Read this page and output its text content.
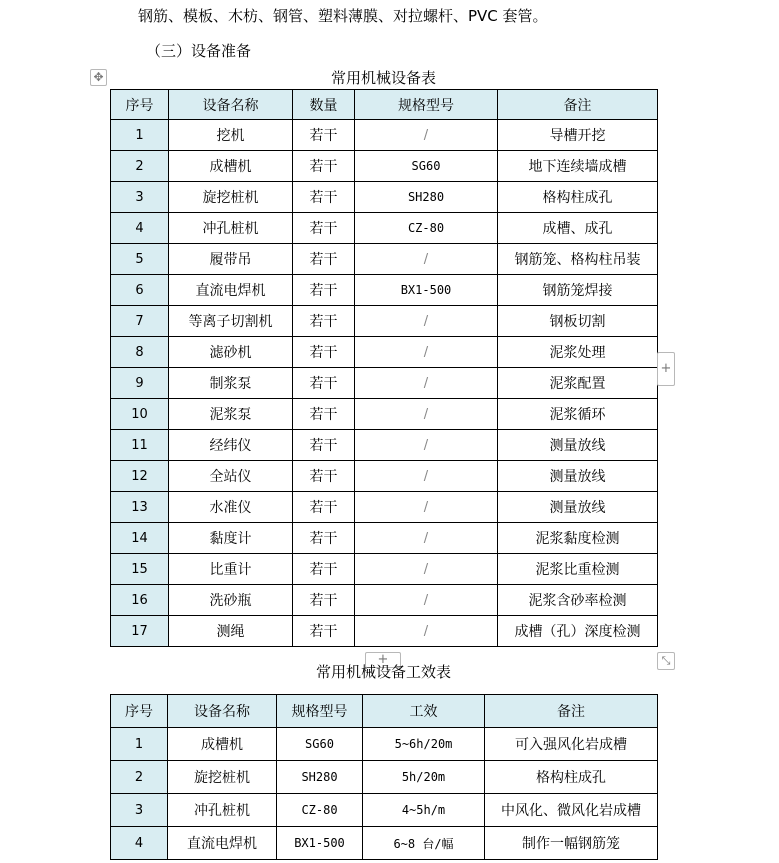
钢筋、模板、木枋、钢管、塑料薄膜、对拉螺杆、PVC 套管。
（三）设备准备
✥	常用机械设备表
序号	设备名称	数量	规格型号	备注
1	挖机	若干	/	导槽开挖
2	成槽机	若干	SG60	地下连续墙成槽
3	旋挖桩机	若干	SH280	格构柱成孔
4	冲孔桩机	若干	CZ-80	成槽、成孔
5	履带吊	若干	/	钢筋笼、格构柱吊装
6	直流电焊机	若干	BX1-500	钢筋笼焊接
7	等离子切割机	若干	/	钢板切割
8	滤砂机	若干	/	泥浆处理
9	制浆泵	若干	/	泥浆配置
10	泥浆泵	若干	/	泥浆循环
11	经纬仪	若干	/	测量放线
12	全站仪	若干	/	测量放线
13	水准仪	若干	/	测量放线
14	黏度计	若干	/	泥浆黏度检测
15	比重计	若干	/	泥浆比重检测
16	洗砂瓶	若干	/	泥浆含砂率检测
17	测绳	若干	/	成槽（孔）深度检测
+
+	⤡
常用机械设备工效表
序号	设备名称	规格型号	工效	备注
1	成槽机	SG60	5~6h/20m	可入强风化岩成槽
2	旋挖桩机	SH280	5h/20m	格构柱成孔
3	冲孔桩机	CZ-80	4~5h/m	中风化、微风化岩成槽
4	直流电焊机	BX1-500	6~8 台/幅	制作一幅钢筋笼
